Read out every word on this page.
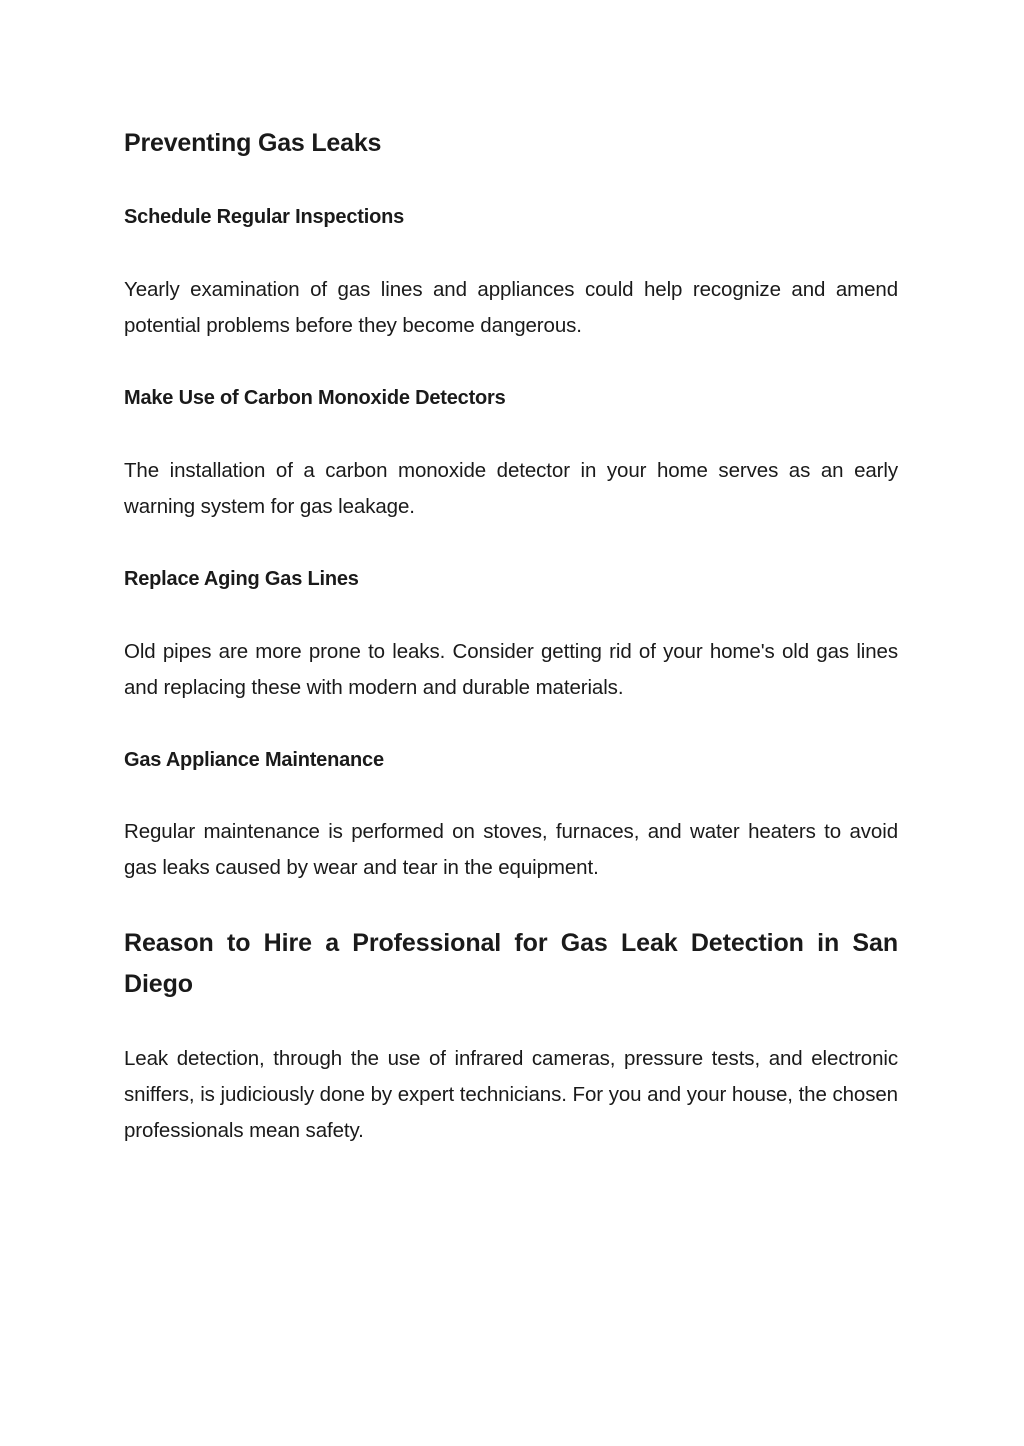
Preventing Gas Leaks
Schedule Regular Inspections

Yearly examination of gas lines and appliances could help recognize and amend potential problems before they become dangerous.

Make Use of Carbon Monoxide Detectors

The installation of a carbon monoxide detector in your home serves as an early warning system for gas leakage.

Replace Aging Gas Lines

Old pipes are more prone to leaks. Consider getting rid of your home's old gas lines and replacing these with modern and durable materials.

Gas Appliance Maintenance

Regular maintenance is performed on stoves, furnaces, and water heaters to avoid gas leaks caused by wear and tear in the equipment.

Reason to Hire a Professional for Gas Leak Detection in San Diego

Leak detection, through the use of infrared cameras, pressure tests, and electronic sniffers, is judiciously done by expert technicians. For you and your house, the chosen professionals mean safety.
